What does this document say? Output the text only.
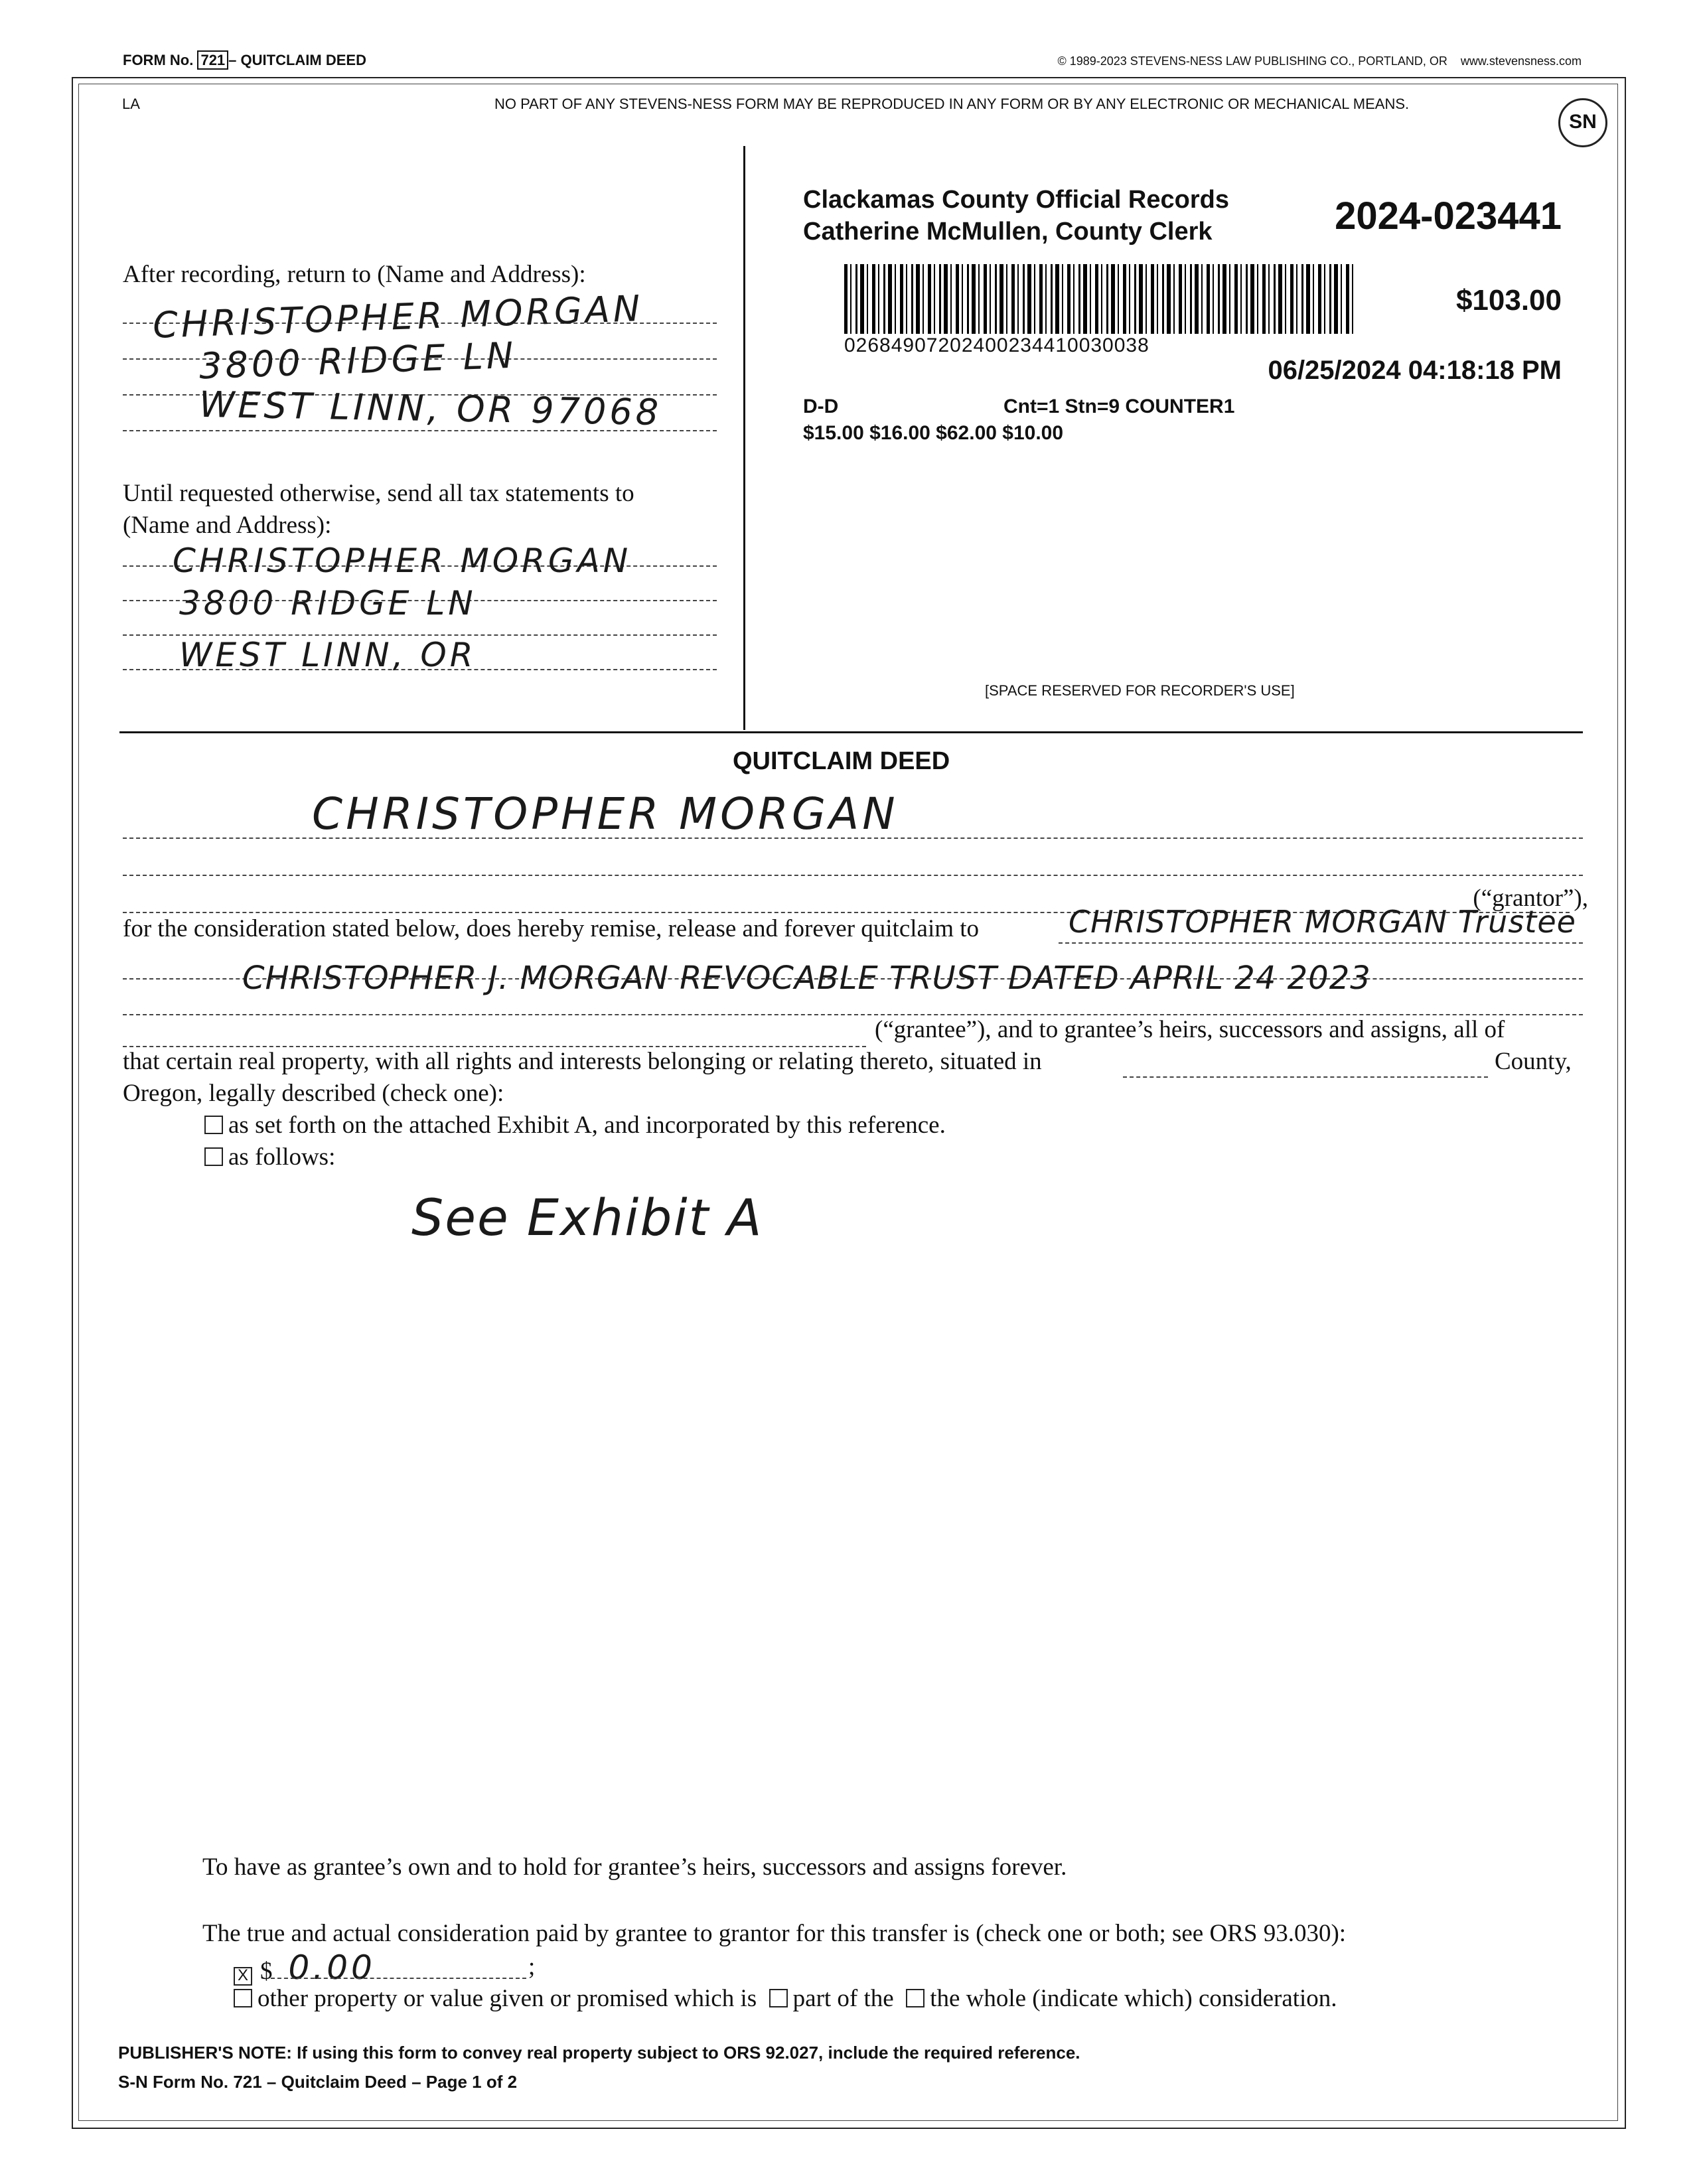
FORM No. 721 – QUITCLAIM DEED	© 1989-2023 STEVENS-NESS LAW PUBLISHING CO., PORTLAND, OR www.stevensness.com
LA	NO PART OF ANY STEVENS-NESS FORM MAY BE REPRODUCED IN ANY FORM OR BY ANY ELECTRONIC OR MECHANICAL MEANS.
SN
After recording, return to (Name and Address):
CHRISTOPHER MORGAN
3800 RIDGE LN
WEST LINN, OR 97068
Until requested otherwise, send all tax statements to
(Name and Address):
CHRISTOPHER MORGAN
3800 RIDGE LN
WEST LINN, OR
Clackamas County Official Records
Catherine McMullen, County Clerk	2024-023441
$103.00
02684907202400234410030038
06/25/2024 04:18:18 PM
D-D	Cnt=1 Stn=9 COUNTER1
$15.00 $16.00 $62.00 $10.00
[SPACE RESERVED FOR RECORDER'S USE]
QUITCLAIM DEED
CHRISTOPHER MORGAN
(“grantor”),
for the consideration stated below, does hereby remise, release and forever quitclaim to	CHRISTOPHER MORGAN Trustee
CHRISTOPHER J. MORGAN REVOCABLE TRUST DATED APRIL 24 2023
(“grantee”), and to grantee’s heirs, successors and assigns, all of
that certain real property, with all rights and interests belonging or relating thereto, situated in	County,
Oregon, legally described (check one):
as set forth on the attached Exhibit A, and incorporated by this reference.
as follows:
See Exhibit A
To have as grantee’s own and to hold for grantee’s heirs, successors and assigns forever.
The true and actual consideration paid by grantee to grantor for this transfer is (check one or both; see ORS 93.030):
X $ 0.00	;
other property or value given or promised which is part of the the whole (indicate which) consideration.
PUBLISHER'S NOTE: If using this form to convey real property subject to ORS 92.027, include the required reference.
S-N Form No. 721 – Quitclaim Deed – Page 1 of 2
